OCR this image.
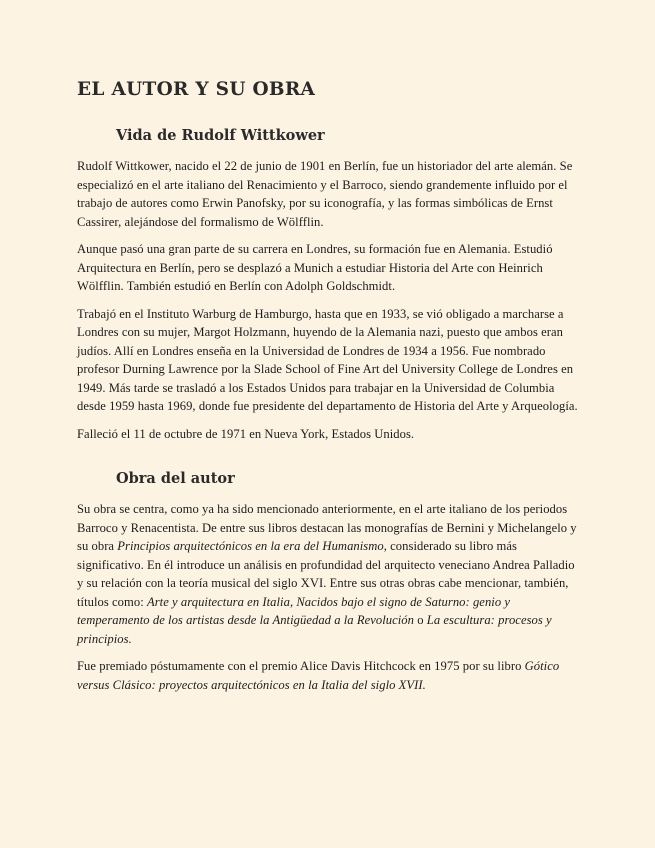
EL AUTOR Y SU OBRA
Vida de Rudolf Wittkower

Rudolf Wittkower, nacido el 22 de junio de 1901 en Berlín, fue un historiador del arte alemán. Se especializó en el arte italiano del Renacimiento y el Barroco, siendo grandemente influido por el trabajo de autores como Erwin Panofsky, por su iconografía, y las formas simbólicas de Ernst Cassirer, alejándose del formalismo de Wölfflin.

Aunque pasó una gran parte de su carrera en Londres, su formación fue en Alemania. Estudió Arquitectura en Berlín, pero se desplazó a Munich a estudiar Historia del Arte con Heinrich Wölfflin. También estudió en Berlín con Adolph Goldschmidt.

Trabajó en el Instituto Warburg de Hamburgo, hasta que en 1933, se vió obligado a marcharse a Londres con su mujer, Margot Holzmann, huyendo de la Alemania nazi, puesto que ambos eran judíos. Allí en Londres enseña en la Universidad de Londres de 1934 a 1956. Fue nombrado profesor Durning Lawrence por la Slade School of Fine Art del University College de Londres en 1949. Más tarde se trasladó a los Estados Unidos para trabajar en la Universidad de Columbia desde 1959 hasta 1969, donde fue presidente del departamento de Historia del Arte y Arqueología.

Falleció el 11 de octubre de 1971 en Nueva York, Estados Unidos.

Obra del autor

Su obra se centra, como ya ha sido mencionado anteriormente, en el arte italiano de los periodos Barroco y Renacentista. De entre sus libros destacan las monografías de Bernini y Michelangelo y su obra Principios arquitectónicos en la era del Humanismo, considerado su libro más significativo. En él introduce un análisis en profundidad del arquitecto veneciano Andrea Palladio y su relación con la teoría musical del siglo XVI. Entre sus otras obras cabe mencionar, también, títulos como: Arte y arquitectura en Italia, Nacidos bajo el signo de Saturno: genio y temperamento de los artistas desde la Antigüedad a la Revolución o La escultura: procesos y principios.

Fue premiado póstumamente con el premio Alice Davis Hitchcock en 1975 por su libro Gótico versus Clásico: proyectos arquitectónicos en la Italia del siglo XVII.
